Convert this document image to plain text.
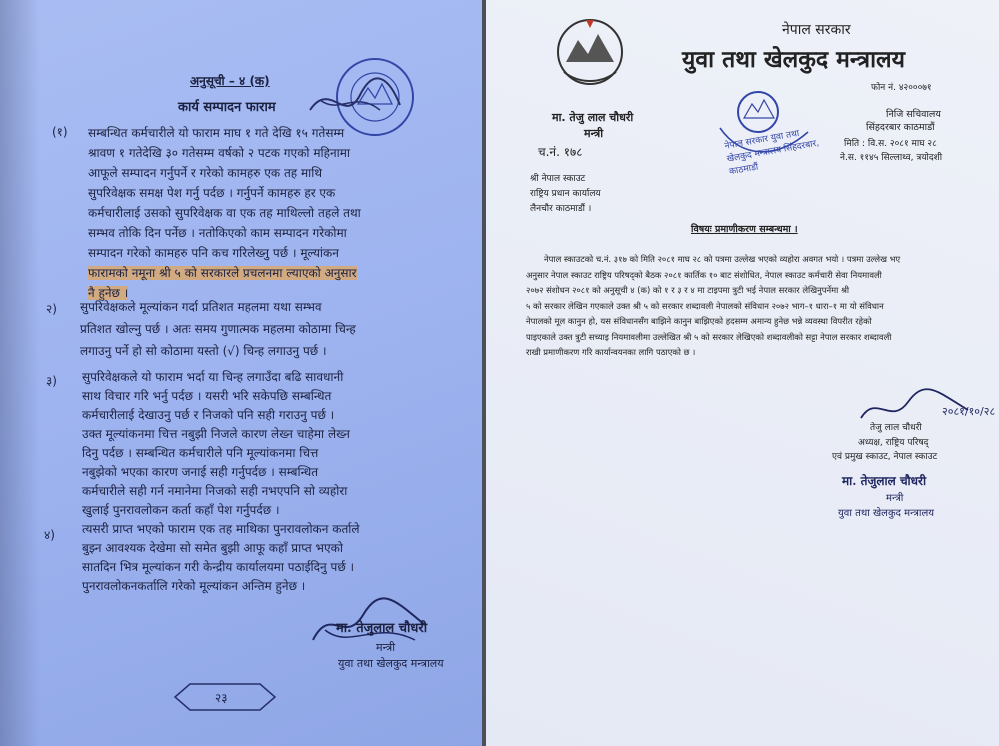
अनुसूची – ४ (क)
कार्य सम्पादन फाराम
(१) सम्बन्धित कर्मचारीले यो फाराम माघ १ गते देखि १५ गतेसम्म
श्रावण १ गतेदेखि ३० गतेसम्म वर्षको २ पटक गएको महिनामा
आफूले सम्पादन गर्नुपर्ने र गरेको कामहरु एक तह माथि
सुपरिवेक्षक समक्ष पेश गर्नु पर्दछ । गर्नुपर्ने कामहरु हर एक
कर्मचारीलाई उसको सुपरिवेक्षक वा एक तह माथिल्लो तहले तथा
सम्भव तोकि दिन पर्नेछ । नतोकिएको काम सम्पादन गरेकोमा
सम्पादन गरेको कामहरु पनि कच गरिलेख्नु पर्छ । मूल्यांकन
फारामको नमूना श्री ५ को सरकारले प्रचलनमा ल्याएको अनुसार
नै हुनेछ ।
२) सुपरिवेक्षकले मूल्यांकन गर्दा प्रतिशत महलमा यथा सम्भव
प्रतिशत खोल्नु पर्छ । अतः समय गुणात्मक महलमा कोठामा चिन्ह
लगाउनु पर्ने हो सो कोठामा यस्तो (√) चिन्ह लगाउनु पर्छ ।
३) सुपरिवेक्षकले यो फाराम भर्दा या चिन्ह लगाउँदा बढि सावधानी
साथ विचार गरि भर्नु पर्दछ । यसरी भरि सकेपछि सम्बन्धित
कर्मचारीलाई देखाउनु पर्छ र निजको पनि सही गराउनु पर्छ ।
उक्त मूल्यांकनमा चित्त नबुझी निजले कारण लेख्न चाहेमा लेख्न
दिनु पर्दछ । सम्बन्धित कर्मचारीले पनि मूल्यांकनमा चित्त
नबुझेको भएका कारण जनाई सही गर्नुपर्दछ । सम्बन्धित
कर्मचारीले सही गर्न नमानेमा निजको सही नभएपनि सो व्यहोरा
खुलाई पुनरावलोकन कर्ता कहाँ पेश गर्नुपर्दछ ।
४) त्यसरी प्राप्त भएको फाराम एक तह माथिका पुनरावलोकन कर्ताले
बुझ्न आवश्यक देखेमा सो समेत बुझी आफू कहाँ प्राप्त भएको
सातदिन भित्र मूल्यांकन गरी केन्द्रीय कार्यालयमा पठाईदिनु पर्छ ।
पुनरावलोकनकर्तालि गरेको मूल्यांकन अन्तिम हुनेछ ।
मा. तेजुलाल चौधरी
मन्त्री
युवा तथा खेलकुद मन्त्रालय
२३
नेपाल सरकार
युवा तथा खेलकुद मन्त्रालय
फोन नं. ४२०००७१
मा. तेजु लाल चौधरी
मन्त्री
च.नं. १७८
नेपाल सरकार युवा तथा खेलकुद मन्त्रालय सिंहदरबार, काठमाडौं
निजि सचिवालय
सिंहदरबार काठमाडौं
मिति : वि.स. २०८१ माघ २८
ने.स. ११४५ सिल्लाथ्व, त्रयोदशी
श्री नेपाल स्काउट
राष्ट्रिय प्रधान कार्यालय
लैनचौर काठमाडौं ।
विषयः प्रमाणीकरण सम्बन्धमा ।
नेपाल स्काउटको च.नं. ३१७ को मिति २०८१ माघ २८ को पत्रमा उल्लेख भएको व्यहोरा अवगत भयो । पत्रमा उल्लेख भए
अनुसार नेपाल स्काउट राष्ट्रिय परिषद्को बैठक २०८१ कार्तिक १० बाट संशोधित, नेपाल स्काउट कर्मचारी सेवा नियमावली
२०७२ संशोधन २०८१ को अनुसूची ४ (क) को १ र ३ र ४ मा टाइपमा त्रुटी भई नेपाल सरकार लेखिनुपर्नेमा श्री
५ को सरकार लेखिन गएकाले उक्त श्री ५ को सरकार शब्दावली नेपालको संविधान २०७२ भाग–१ धारा–१ मा यो संविधान
नेपालको मूल कानुन हो, यस संविधानसँग बाझिने कानुन बाझिएको हदसम्म अमान्य हुनेछ भन्ने व्यवस्था विपरीत रहेको
पाइएकाले उक्त त्रुटी सच्याइ नियमावलीमा उल्लेखित श्री ५ को सरकार लेखिएको शब्दावलीको सट्टा नेपाल सरकार शब्दावली
राखी प्रमाणीकरण गरि कार्यान्वयनका लागि पठाएको छ ।
२०८१/१०/२८
तेजु लाल चौधरी
अध्यक्ष, राष्ट्रिय परिषद्
एवं प्रमुख स्काउट, नेपाल स्काउट
मा. तेजुलाल चौधरी
मन्त्री
युवा तथा खेलकुद मन्त्रालय
